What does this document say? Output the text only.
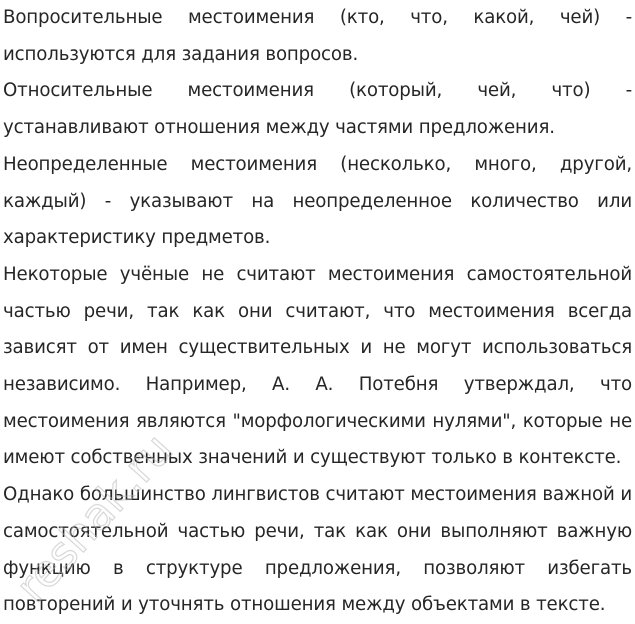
Вопросительные местоимения (кто, что, какой, чей) - используются для задания вопросов.

Относительные местоимения (который, чей, что) - устанавливают отношения между частями предложения.

Неопределенные местоимения (несколько, много, другой, каждый) - указывают на неопределенное количество или характеристику предметов.

Некоторые учёные не считают местоимения самостоятельной частью речи, так как они считают, что местоимения всегда зависят от имен существительных и не могут использоваться независимо. Например, А. А. Потебня утверждал, что местоимения являются "морфологическими нулями", которые не имеют собственных значений и существуют только в контексте.

Однако большинство лингвистов считают местоимения важной и самостоятельной частью речи, так как они выполняют важную функцию в структуре предложения, позволяют избегать повторений и уточнять отношения между объектами в тексте.

reshak.ru
